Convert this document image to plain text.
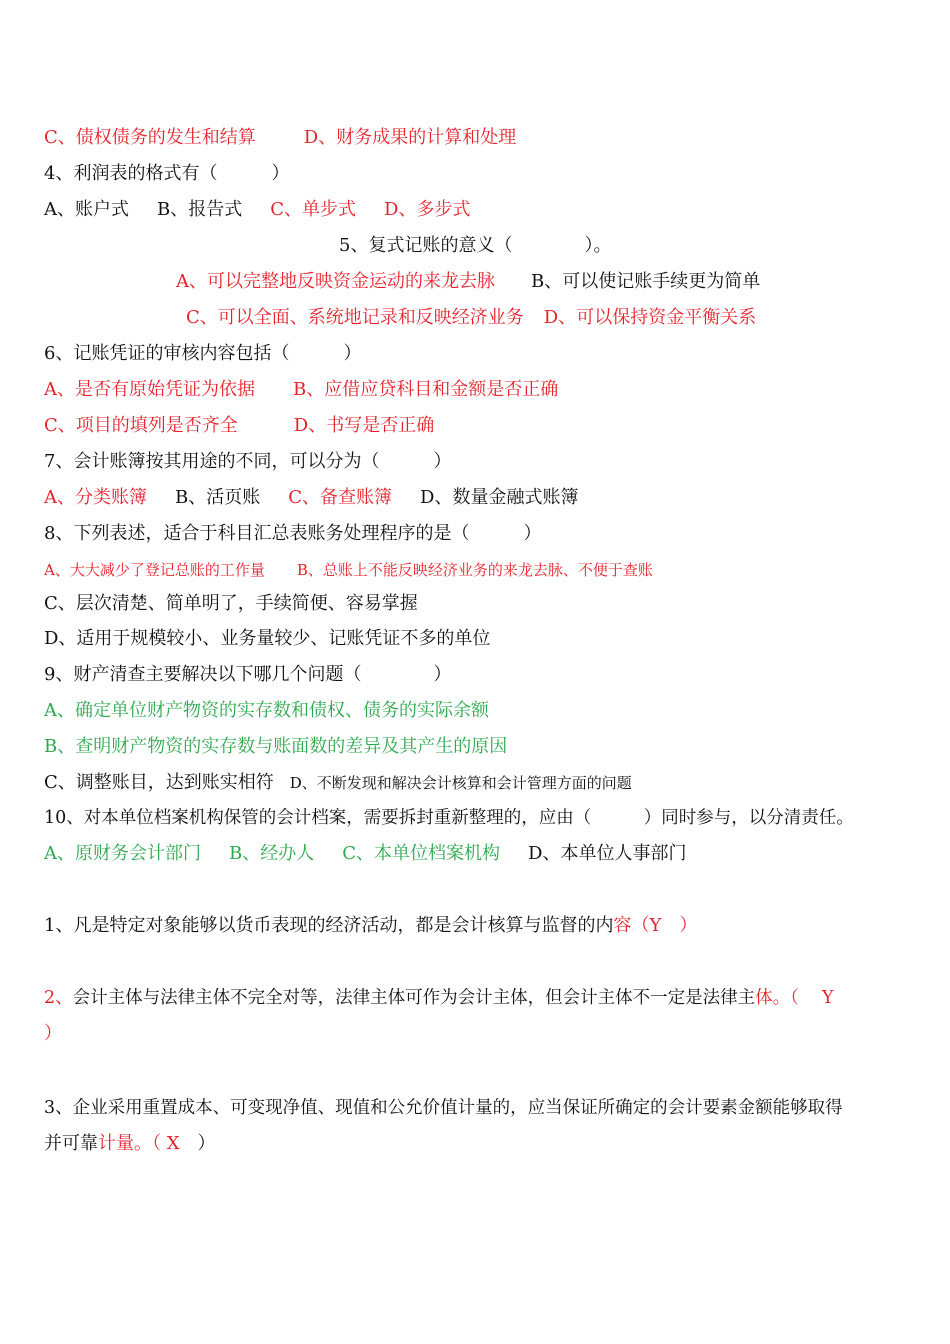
C、债权债务的发生和结算	D、财务成果的计算和处理
4、利润表的格式有（　　　）
A、账户式 B、报告式 C、单步式 D、多步式
5、复式记账的意义（　　　　）。
A、可以完整地反映资金运动的来龙去脉 B、可以使记账手续更为简单
C、可以全面、系统地记录和反映经济业务 D、可以保持资金平衡关系
6、记账凭证的审核内容包括（　　　）
A、是否有原始凭证为依据 B、应借应贷科目和金额是否正确
C、项目的填列是否齐全	D、书写是否正确
7、会计账簿按其用途的不同，可以分为（　　　）
A、分类账簿 B、活页账 C、备查账簿 D、数量金融式账簿
8、下列表述，适合于科目汇总表账务处理程序的是（　　　）
A、大大减少了登记总账的工作量 B、总账上不能反映经济业务的来龙去脉、不便于查账
C、层次清楚、简单明了，手续简便、容易掌握
D、适用于规模较小、业务量较少、记账凭证不多的单位
9、财产清查主要解决以下哪几个问题（　　　　）
A、确定单位财产物资的实存数和债权、债务的实际余额
B、查明财产物资的实存数与账面数的差异及其产生的原因
C、调整账目，达到账实相符 D、不断发现和解决会计核算和会计管理方面的问题
10、对本单位档案机构保管的会计档案，需要拆封重新整理的，应由（　　　）同时参与，以分清责任。
A、原财务会计部门 B、经办人 C、本单位档案机构 D、本单位人事部门
1、凡是特定对象能够以货币表现的经济活动，都是会计核算与监督的内容（Y　）
2、会计主体与法律主体不完全对等，法律主体可作为会计主体，但会计主体不一定是法律主体。（　 Y
）
3、企业采用重置成本、可变现净值、现值和公允价值计量的，应当保证所确定的会计要素金额能够取得
并可靠计量。（ X　）
